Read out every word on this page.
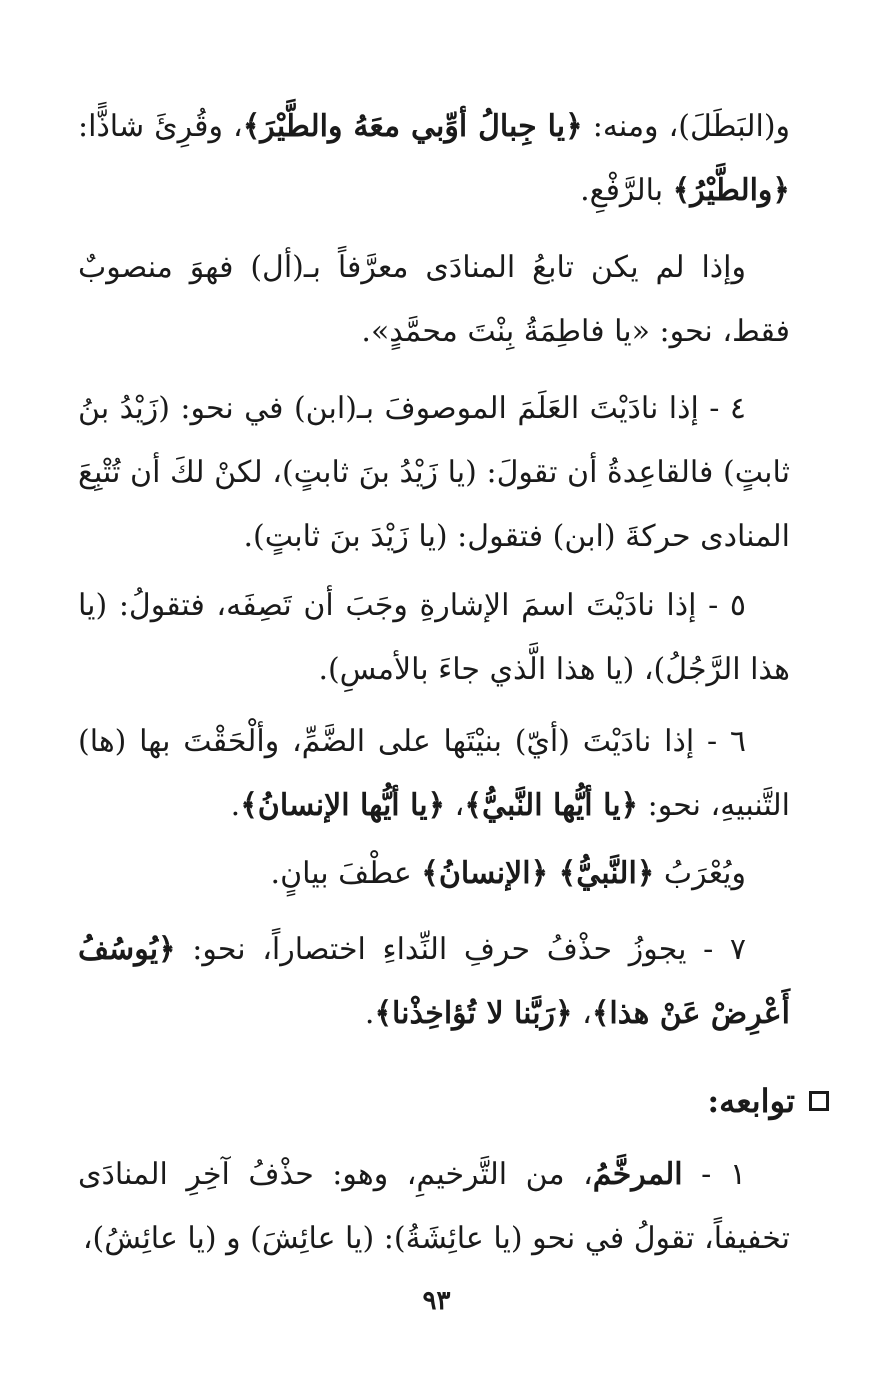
و(البَطَلَ)، ومنه: ﴿يا جِبالُ أوِّبي معَهُ والطَّيْرَ﴾، وقُرِئَ شاذًّا: ﴿والطَّيْرُ﴾ بالرَّفْعِ.

وإذا لم يكن تابعُ المنادَى معرَّفاً بـ(أل) فهوَ منصوبٌ فقط، نحو: «يا فاطِمَةُ بِنْتَ محمَّدٍ».

٤ - إذا نادَيْتَ العَلَمَ الموصوفَ بـ(ابن) في نحو: (زَيْدُ بنُ ثابتٍ) فالقاعِدةُ أن تقولَ: (يا زَيْدُ بنَ ثابتٍ)، لكنْ لكَ أن تُتْبِعَ المنادى حركةَ (ابن) فتقول: (يا زَيْدَ بنَ ثابتٍ).

٥ - إذا نادَيْتَ اسمَ الإشارةِ وجَبَ أن تَصِفَه، فتقولُ: (يا هذا الرَّجُلُ)، (يا هذا الَّذي جاءَ بالأمسِ).

٦ - إذا نادَيْتَ (أيّ) بنيْتَها على الضَّمِّ، وألْحَقْتَ بها (ها) التَّنبيهِ، نحو: ﴿يا أيُّها النَّبيُّ﴾، ﴿يا أيُّها الإنسانُ﴾.

ويُعْرَبُ ﴿النَّبيُّ﴾ ﴿الإنسانُ﴾ عطْفَ بيانٍ.

٧ - يجوزُ حذْفُ حرفِ النِّداءِ اختصاراً، نحو: ﴿يُوسُفُ أَعْرِضْ عَنْ هذا﴾، ﴿رَبَّنا لا تُؤاخِذْنا﴾.

توابعه:

١ - المرخَّمُ، من التَّرخيمِ، وهو: حذْفُ آخِرِ المنادَى تخفيفاً، تقولُ في نحو (يا عائِشَةُ): (يا عائِشَ) و (يا عائِشُ)،

٩٣
